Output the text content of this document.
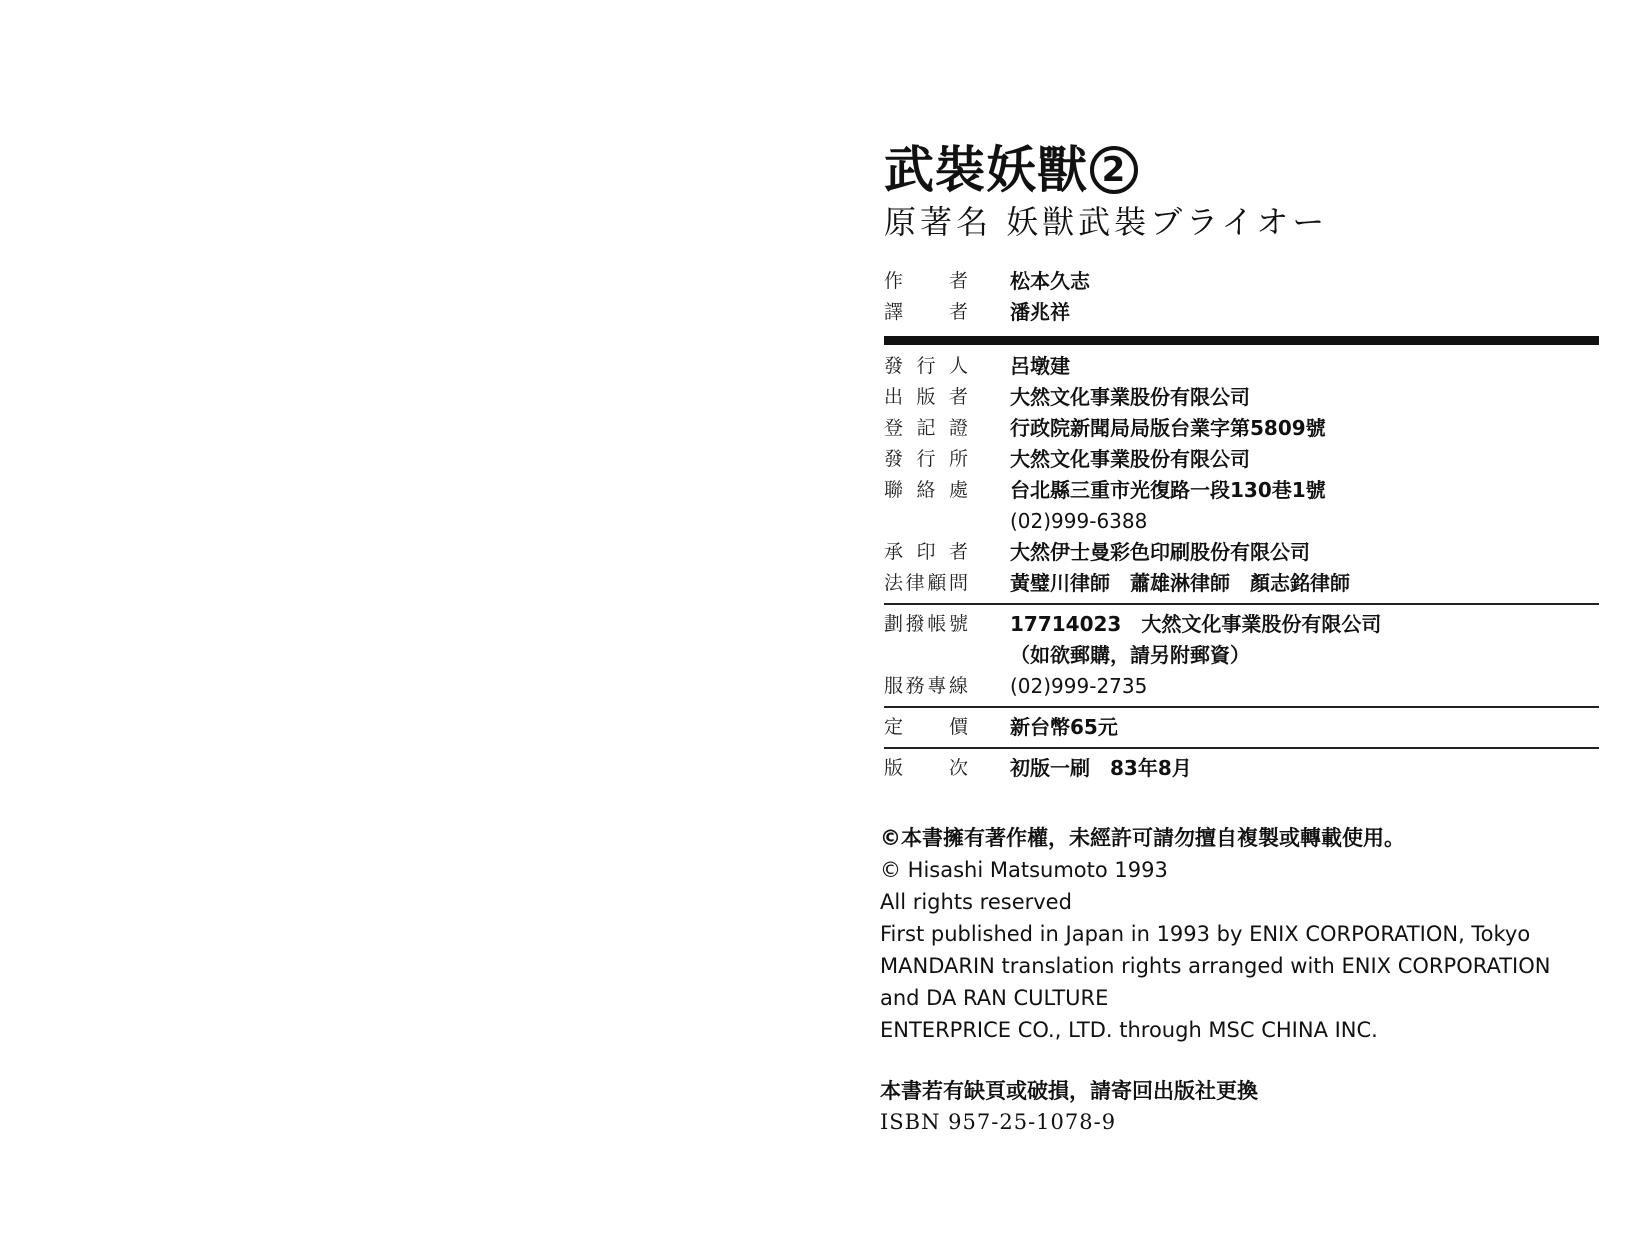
武裝妖獸 2

原著名 妖獣武裝ブライオー

作　者 松本久志
譯　者 潘兆祥
發行人 呂墩建
出版者 大然文化事業股份有限公司
登記證 行政院新聞局局版台業字第5809號
發行所 大然文化事業股份有限公司
聯絡處 台北縣三重市光復路一段130巷1號
(02)999-6388
承印者 大然伊士曼彩色印刷股份有限公司
法律顧問 黃璧川律師　蕭雄淋律師　顏志銘律師
劃撥帳號 17714023　大然文化事業股份有限公司
（如欲郵購，請另附郵資）
服務專線 (02)999-2735
定　價 新台幣65元
版　次 初版一刷　83年8月

©本書擁有著作權，未經許可請勿擅自複製或轉載使用。

© Hisashi Matsumoto 1993

All rights reserved

First published in Japan in 1993 by ENIX CORPORATION, Tokyo

MANDARIN translation rights arranged with ENIX CORPORATION

and DA RAN CULTURE

ENTERPRICE CO., LTD. through MSC CHINA INC.

本書若有缺頁或破損，請寄回出版社更換

ISBN 957-25-1078-9
